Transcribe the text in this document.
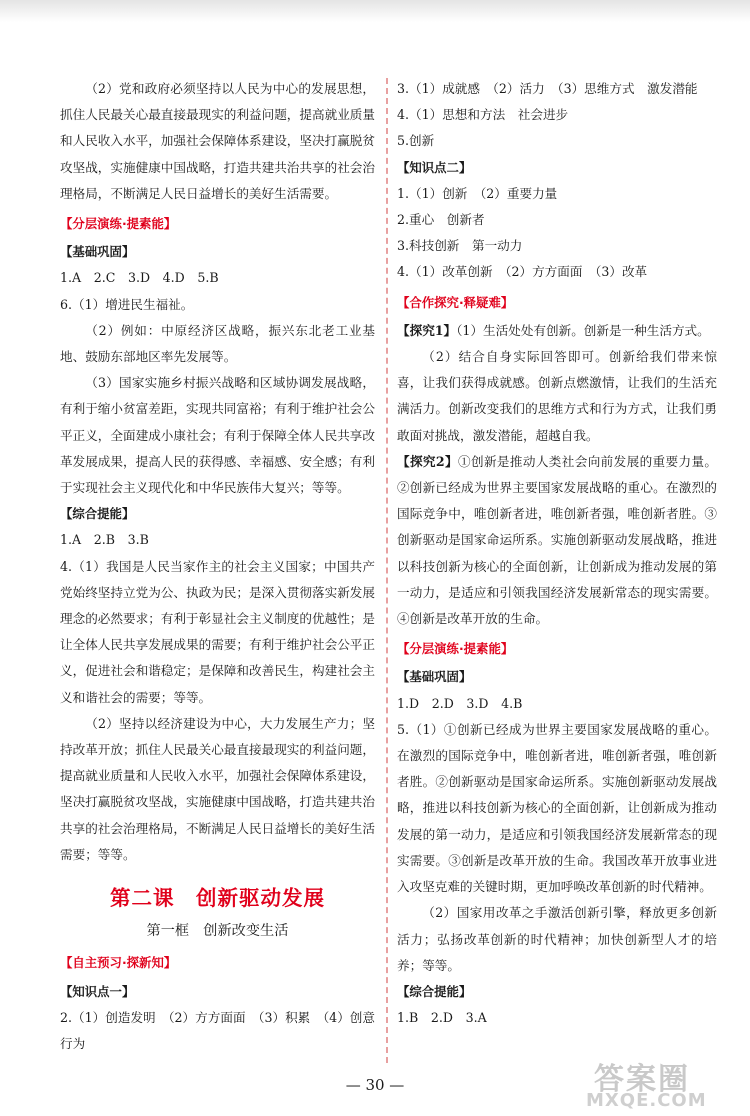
（2）党和政府必须坚持以人民为中心的发展思想，抓住人民最关心最直接最现实的利益问题，提高就业质量和人民收入水平，加强社会保障体系建设，坚决打赢脱贫攻坚战，实施健康中国战略，打造共建共治共享的社会治理格局，不断满足人民日益增长的美好生活需要。

【分层演练·提素能】
【基础巩固】

1.A　2.C　3.D　4.D　5.B

6.（1）增进民生福祉。

（2）例如：中原经济区战略，振兴东北老工业基地、鼓励东部地区率先发展等。

（3）国家实施乡村振兴战略和区域协调发展战略，有利于缩小贫富差距，实现共同富裕；有利于维护社会公平正义，全面建成小康社会；有利于保障全体人民共享改革发展成果，提高人民的获得感、幸福感、安全感；有利于实现社会主义现代化和中华民族伟大复兴；等等。

【综合提能】

1.A　2.B　3.B

4.（1）我国是人民当家作主的社会主义国家；中国共产党始终坚持立党为公、执政为民；是深入贯彻落实新发展理念的必然要求；有利于彰显社会主义制度的优越性；是让全体人民共享发展成果的需要；有利于维护社会公平正义，促进社会和谐稳定；是保障和改善民生，构建社会主义和谐社会的需要；等等。

（2）坚持以经济建设为中心，大力发展生产力；坚持改革开放；抓住人民最关心最直接最现实的利益问题，提高就业质量和人民收入水平，加强社会保障体系建设，坚决打赢脱贫攻坚战，实施健康中国战略，打造共建共治共享的社会治理格局，不断满足人民日益增长的美好生活需要；等等。

第二课　创新驱动发展
第一框　创新改变生活
【自主预习·探新知】
【知识点一】

2.（1）创造发明　（2）方方面面　（3）积累　（4）创意行为

3.（1）成就感　（2）活力　（3）思维方式　激发潜能

4.（1）思想和方法　社会进步

5.创新

【知识点二】

1.（1）创新　（2）重要力量

2.重心　创新者

3.科技创新　第一动力

4.（1）改革创新　（2）方方面面　（3）改革

【合作探究·释疑难】

【探究1】（1）生活处处有创新。创新是一种生活方式。

（2）结合自身实际回答即可。创新给我们带来惊喜，让我们获得成就感。创新点燃激情，让我们的生活充满活力。创新改变我们的思维方式和行为方式，让我们勇敢面对挑战，激发潜能，超越自我。

【探究2】①创新是推动人类社会向前发展的重要力量。②创新已经成为世界主要国家发展战略的重心。在激烈的国际竞争中，唯创新者进，唯创新者强，唯创新者胜。③创新驱动是国家命运所系。实施创新驱动发展战略，推进以科技创新为核心的全面创新，让创新成为推动发展的第一动力，是适应和引领我国经济发展新常态的现实需要。④创新是改革开放的生命。

【分层演练·提素能】
【基础巩固】

1.D　2.D　3.D　4.B

5.（1）①创新已经成为世界主要国家发展战略的重心。在激烈的国际竞争中，唯创新者进，唯创新者强，唯创新者胜。②创新驱动是国家命运所系。实施创新驱动发展战略，推进以科技创新为核心的全面创新，让创新成为推动发展的第一动力，是适应和引领我国经济发展新常态的现实需要。③创新是改革开放的生命。我国改革开放事业进入攻坚克难的关键时期，更加呼唤改革创新的时代精神。

（2）国家用改革之手激活创新引擎，释放更多创新活力；弘扬改革创新的时代精神；加快创新型人才的培养；等等。

【综合提能】

1.B　2.D　3.A

— 30 —	答案圈
MXQE.COM
